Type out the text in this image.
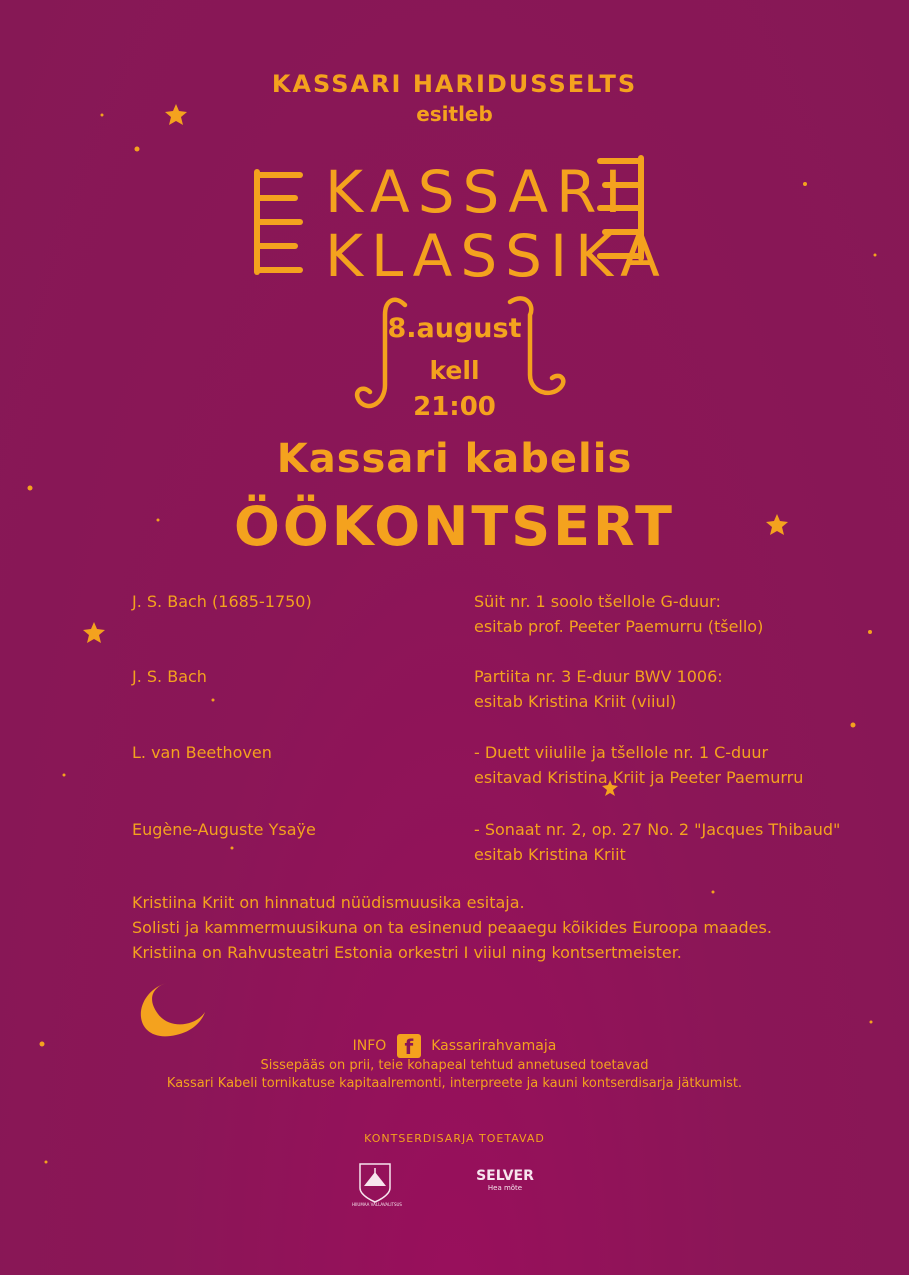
KASSARI HARIDUSSELTS
esitleb
KASSARI
KLASSIKA
8.august
kell
21:00
Kassari kabelis
ÖÖKONTSERT
J. S. Bach (1685-1750)	Süit nr. 1 soolo tšellole G-duur:
esitab prof. Peeter Paemurru (tšello)
J. S. Bach	Partiita nr. 3 E-duur BWV 1006:
esitab Kristina Kriit (viiul)
L. van Beethoven	- Duett viiulile ja tšellole nr. 1 C-duur
esitavad Kristina Kriit ja Peeter Paemurru
Eugène-Auguste Ysaÿe	- Sonaat nr. 2, op. 27 No. 2 "Jacques Thibaud"
esitab Kristina Kriit
Kristiina Kriit on hinnatud nüüdismuusika esitaja.
Solisti ja kammermuusikuna on ta esinenud peaaegu kõikides Euroopa maades.
Kristiina on Rahvusteatri Estonia orkestri I viiul ning kontsertmeister.
INFO f Kassarirahvamaja
Sissepääs on prii, teie kohapeal tehtud annetused toetavad
Kassari Kabeli tornikatuse kapitaalremonti, interpreete ja kauni kontserdisarja jätkumist.
KONTSERDISARJA TOETAVAD
HIIUMAA VALLAVALITSUS
SELVER
Hea mõte
